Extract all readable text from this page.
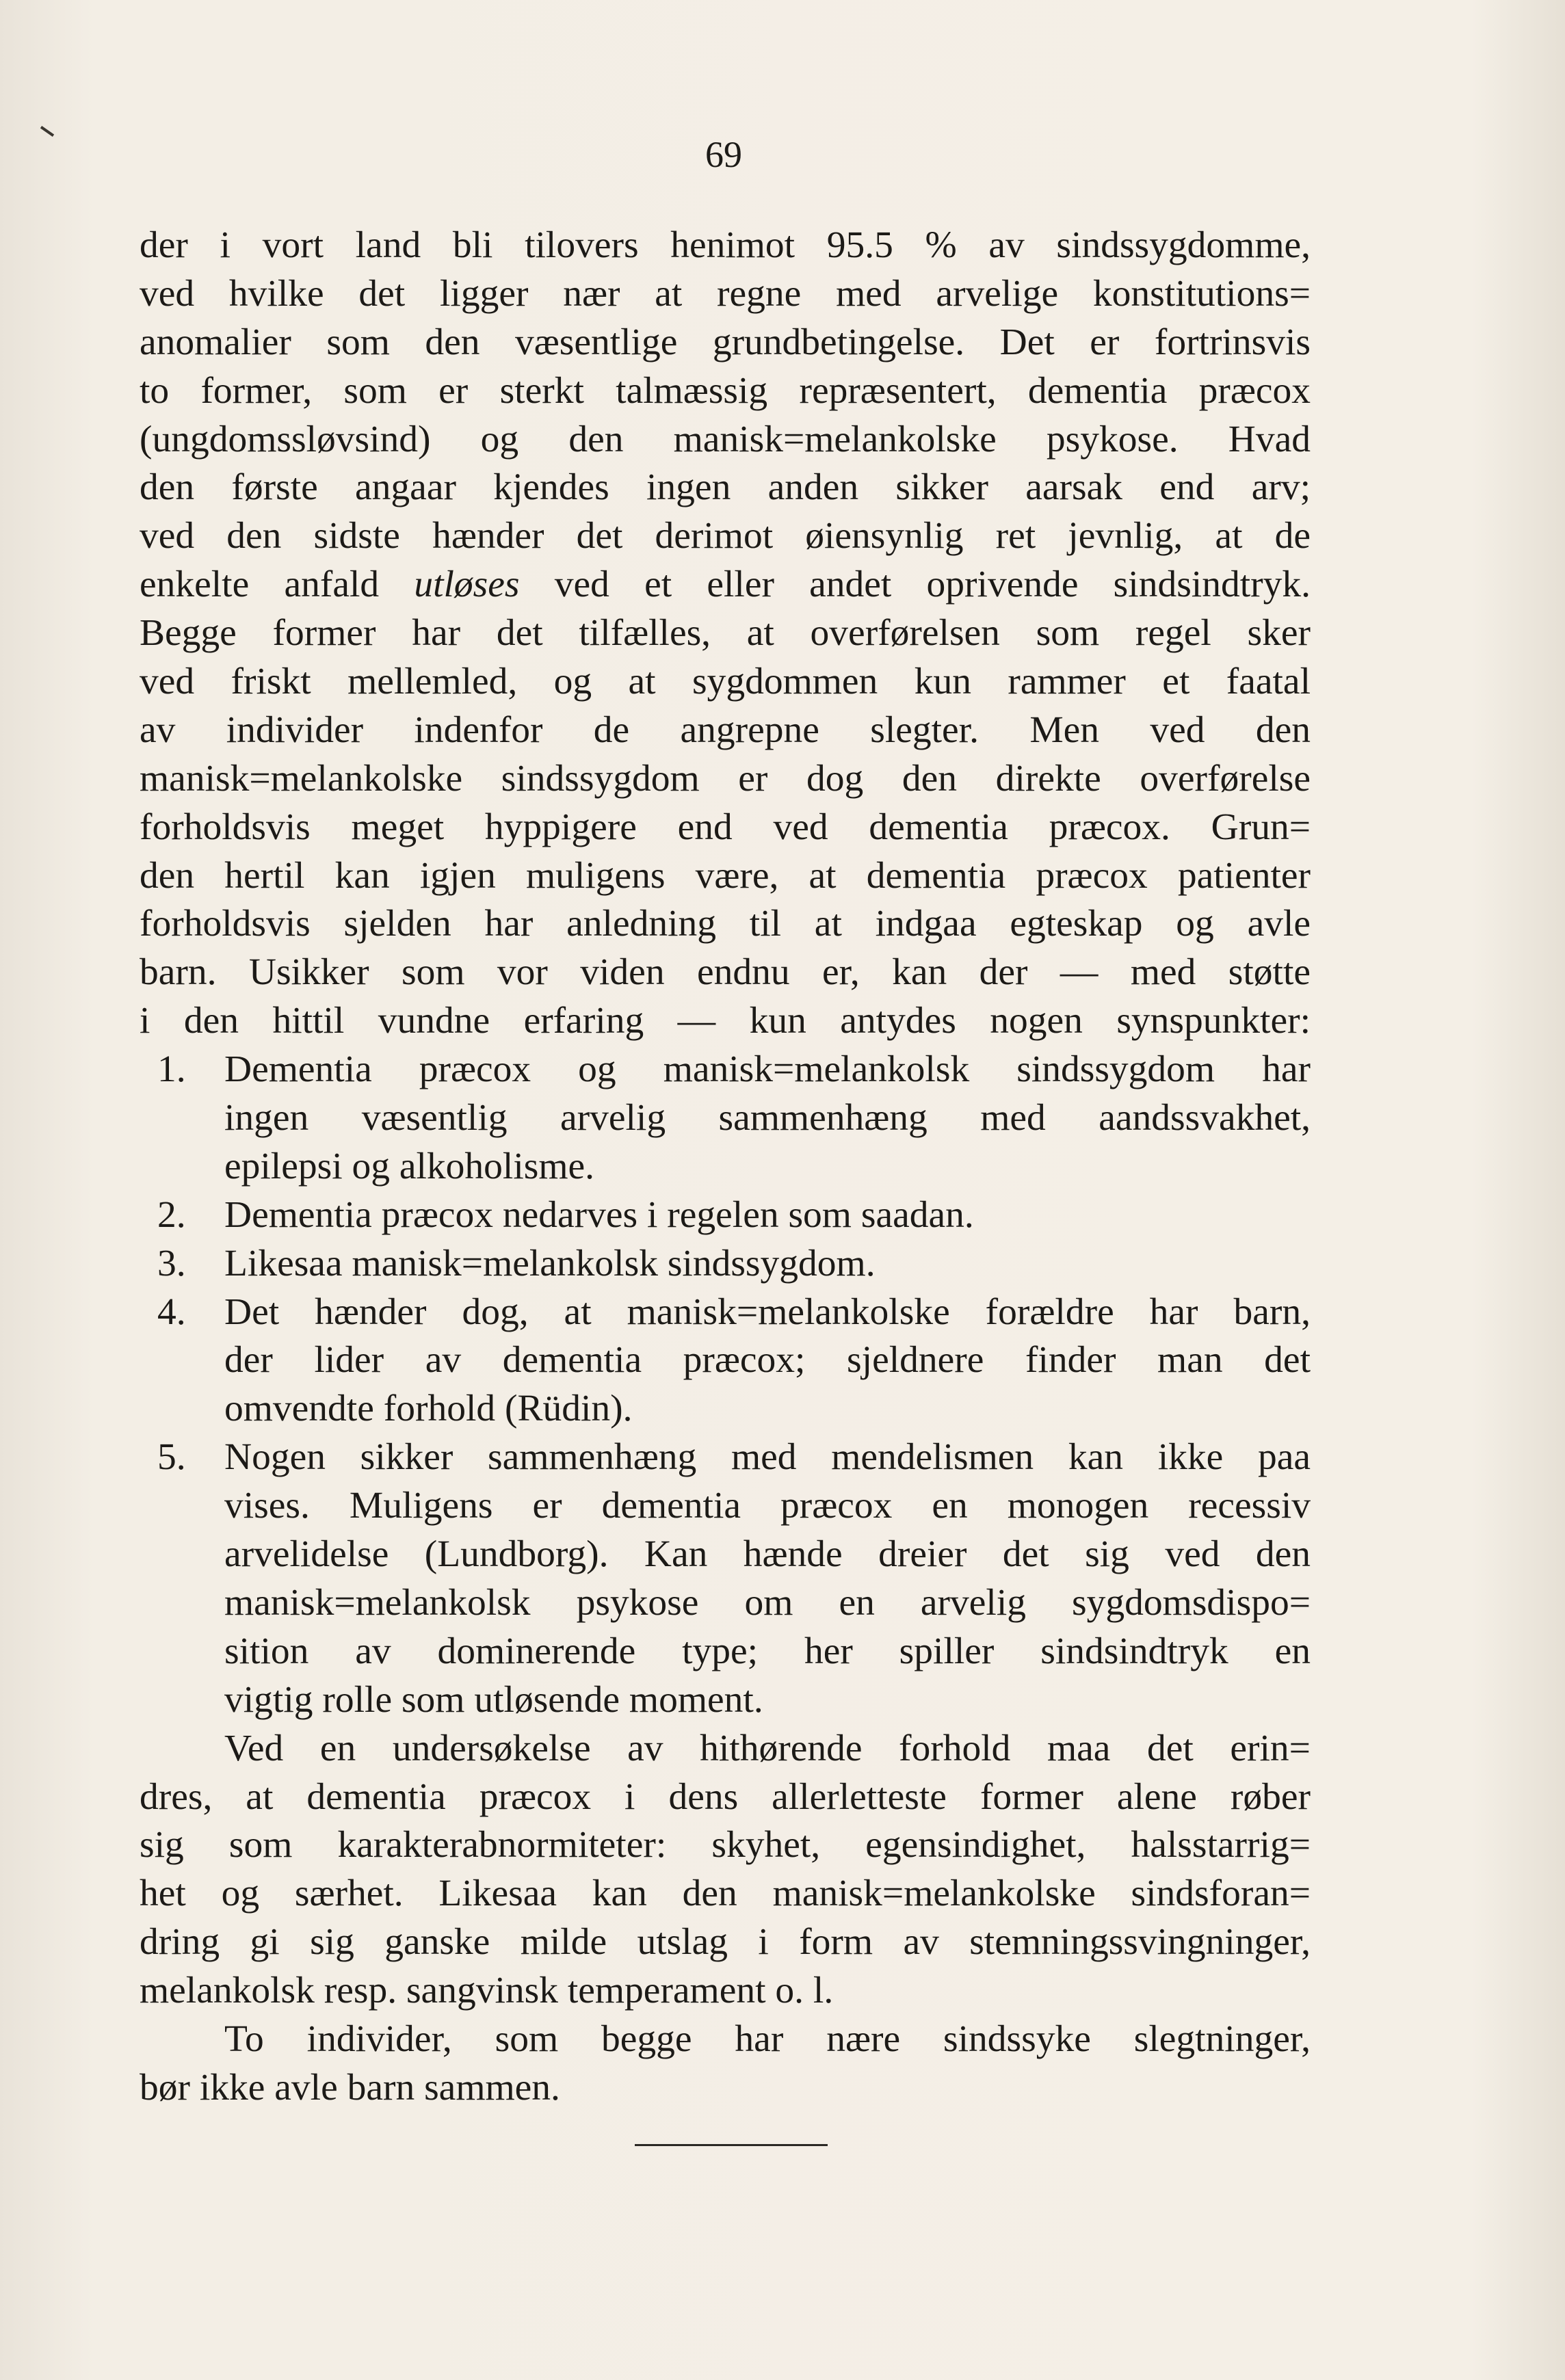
69
der i vort land bli tilovers henimot 95.5 % av sindssygdomme,
ved hvilke det ligger nær at regne med arvelige konstitutions=
anomalier som den væsentlige grundbetingelse. Det er fortrinsvis
to former, som er sterkt talmæssig repræsentert, dementia præcox
(ungdomssløvsind) og den manisk=melankolske psykose. Hvad
den første angaar kjendes ingen anden sikker aarsak end arv;
ved den sidste hænder det derimot øiensynlig ret jevnlig, at de
enkelte anfald utløses ved et eller andet oprivende sindsindtryk.
Begge former har det tilfælles, at overførelsen som regel sker
ved friskt mellemled, og at sygdommen kun rammer et faatal
av individer indenfor de angrepne slegter. Men ved den
manisk=melankolske sindssygdom er dog den direkte overførelse
forholdsvis meget hyppigere end ved dementia præcox. Grun=
den hertil kan igjen muligens være, at dementia præcox patienter
forholdsvis sjelden har anledning til at indgaa egteskap og avle
barn. Usikker som vor viden endnu er, kan der — med støtte
i den hittil vundne erfaring — kun antydes nogen synspunkter:
1. Dementia præcox og manisk=melankolsk sindssygdom har
ingen væsentlig arvelig sammenhæng med aandssvakhet,
epilepsi og alkoholisme.
2. Dementia præcox nedarves i regelen som saadan.
3. Likesaa manisk=melankolsk sindssygdom.
4. Det hænder dog, at manisk=melankolske forældre har barn,
der lider av dementia præcox; sjeldnere finder man det
omvendte forhold (Rüdin).
5. Nogen sikker sammenhæng med mendelismen kan ikke paa
vises. Muligens er dementia præcox en monogen recessiv
arvelidelse (Lundborg). Kan hænde dreier det sig ved den
manisk=melankolsk psykose om en arvelig sygdomsdispo=
sition av dominerende type; her spiller sindsindtryk en
vigtig rolle som utløsende moment.
Ved en undersøkelse av hithørende forhold maa det erin=
dres, at dementia præcox i dens allerletteste former alene røber
sig som karakterabnormiteter: skyhet, egensindighet, halsstarrig=
het og særhet. Likesaa kan den manisk=melankolske sindsforan=
dring gi sig ganske milde utslag i form av stemningssvingninger,
melankolsk resp. sangvinsk temperament o. l.
To individer, som begge har nære sindssyke slegtninger,
bør ikke avle barn sammen.
